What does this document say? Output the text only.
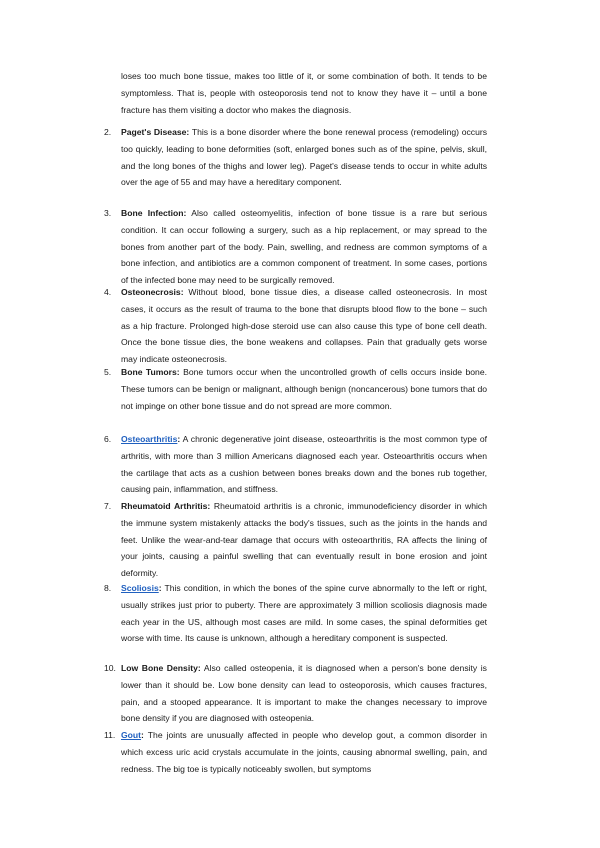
loses too much bone tissue, makes too little of it, or some combination of both. It tends to be symptomless. That is, people with osteoporosis tend not to know they have it – until a bone fracture has them visiting a doctor who makes the diagnosis.

2.	Paget's Disease: This is a bone disorder where the bone renewal process (remodeling) occurs too quickly, leading to bone deformities (soft, enlarged bones such as of the spine, pelvis, skull, and the long bones of the thighs and lower leg). Paget's disease tends to occur in white adults over the age of 55 and may have a hereditary component.
3.	Bone Infection: Also called osteomyelitis, infection of bone tissue is a rare but serious condition. It can occur following a surgery, such as a hip replacement, or may spread to the bones from another part of the body. Pain, swelling, and redness are common symptoms of a bone infection, and antibiotics are a common component of treatment. In some cases, portions of the infected bone may need to be surgically removed.
4.	Osteonecrosis: Without blood, bone tissue dies, a disease called osteonecrosis. In most cases, it occurs as the result of trauma to the bone that disrupts blood flow to the bone – such as a hip fracture. Prolonged high-dose steroid use can also cause this type of bone cell death. Once the bone tissue dies, the bone weakens and collapses. Pain that gradually gets worse may indicate osteonecrosis.
5.	Bone Tumors: Bone tumors occur when the uncontrolled growth of cells occurs inside bone. These tumors can be benign or malignant, although benign (noncancerous) bone tumors that do not impinge on other bone tissue and do not spread are more common.
6.	Osteoarthritis: A chronic degenerative joint disease, osteoarthritis is the most common type of arthritis, with more than 3 million Americans diagnosed each year. Osteoarthritis occurs when the cartilage that acts as a cushion between bones breaks down and the bones rub together, causing pain, inflammation, and stiffness.
7.	Rheumatoid Arthritis: Rheumatoid arthritis is a chronic, immunodeficiency disorder in which the immune system mistakenly attacks the body's tissues, such as the joints in the hands and feet. Unlike the wear-and-tear damage that occurs with osteoarthritis, RA affects the lining of your joints, causing a painful swelling that can eventually result in bone erosion and joint deformity.
8.	Scoliosis: This condition, in which the bones of the spine curve abnormally to the left or right, usually strikes just prior to puberty. There are approximately 3 million scoliosis diagnosis made each year in the US, although most cases are mild. In some cases, the spinal deformities get worse with time. Its cause is unknown, although a hereditary component is suspected.
10. Low Bone Density: Also called osteopenia, it is diagnosed when a person's bone density is lower than it should be. Low bone density can lead to osteoporosis, which causes fractures, pain, and a stooped appearance. It is important to make the changes necessary to improve bone density if you are diagnosed with osteopenia.
11. Gout: The joints are unusually affected in people who develop gout, a common disorder in which excess uric acid crystals accumulate in the joints, causing abnormal swelling, pain, and redness. The big toe is typically noticeably swollen, but symptoms
